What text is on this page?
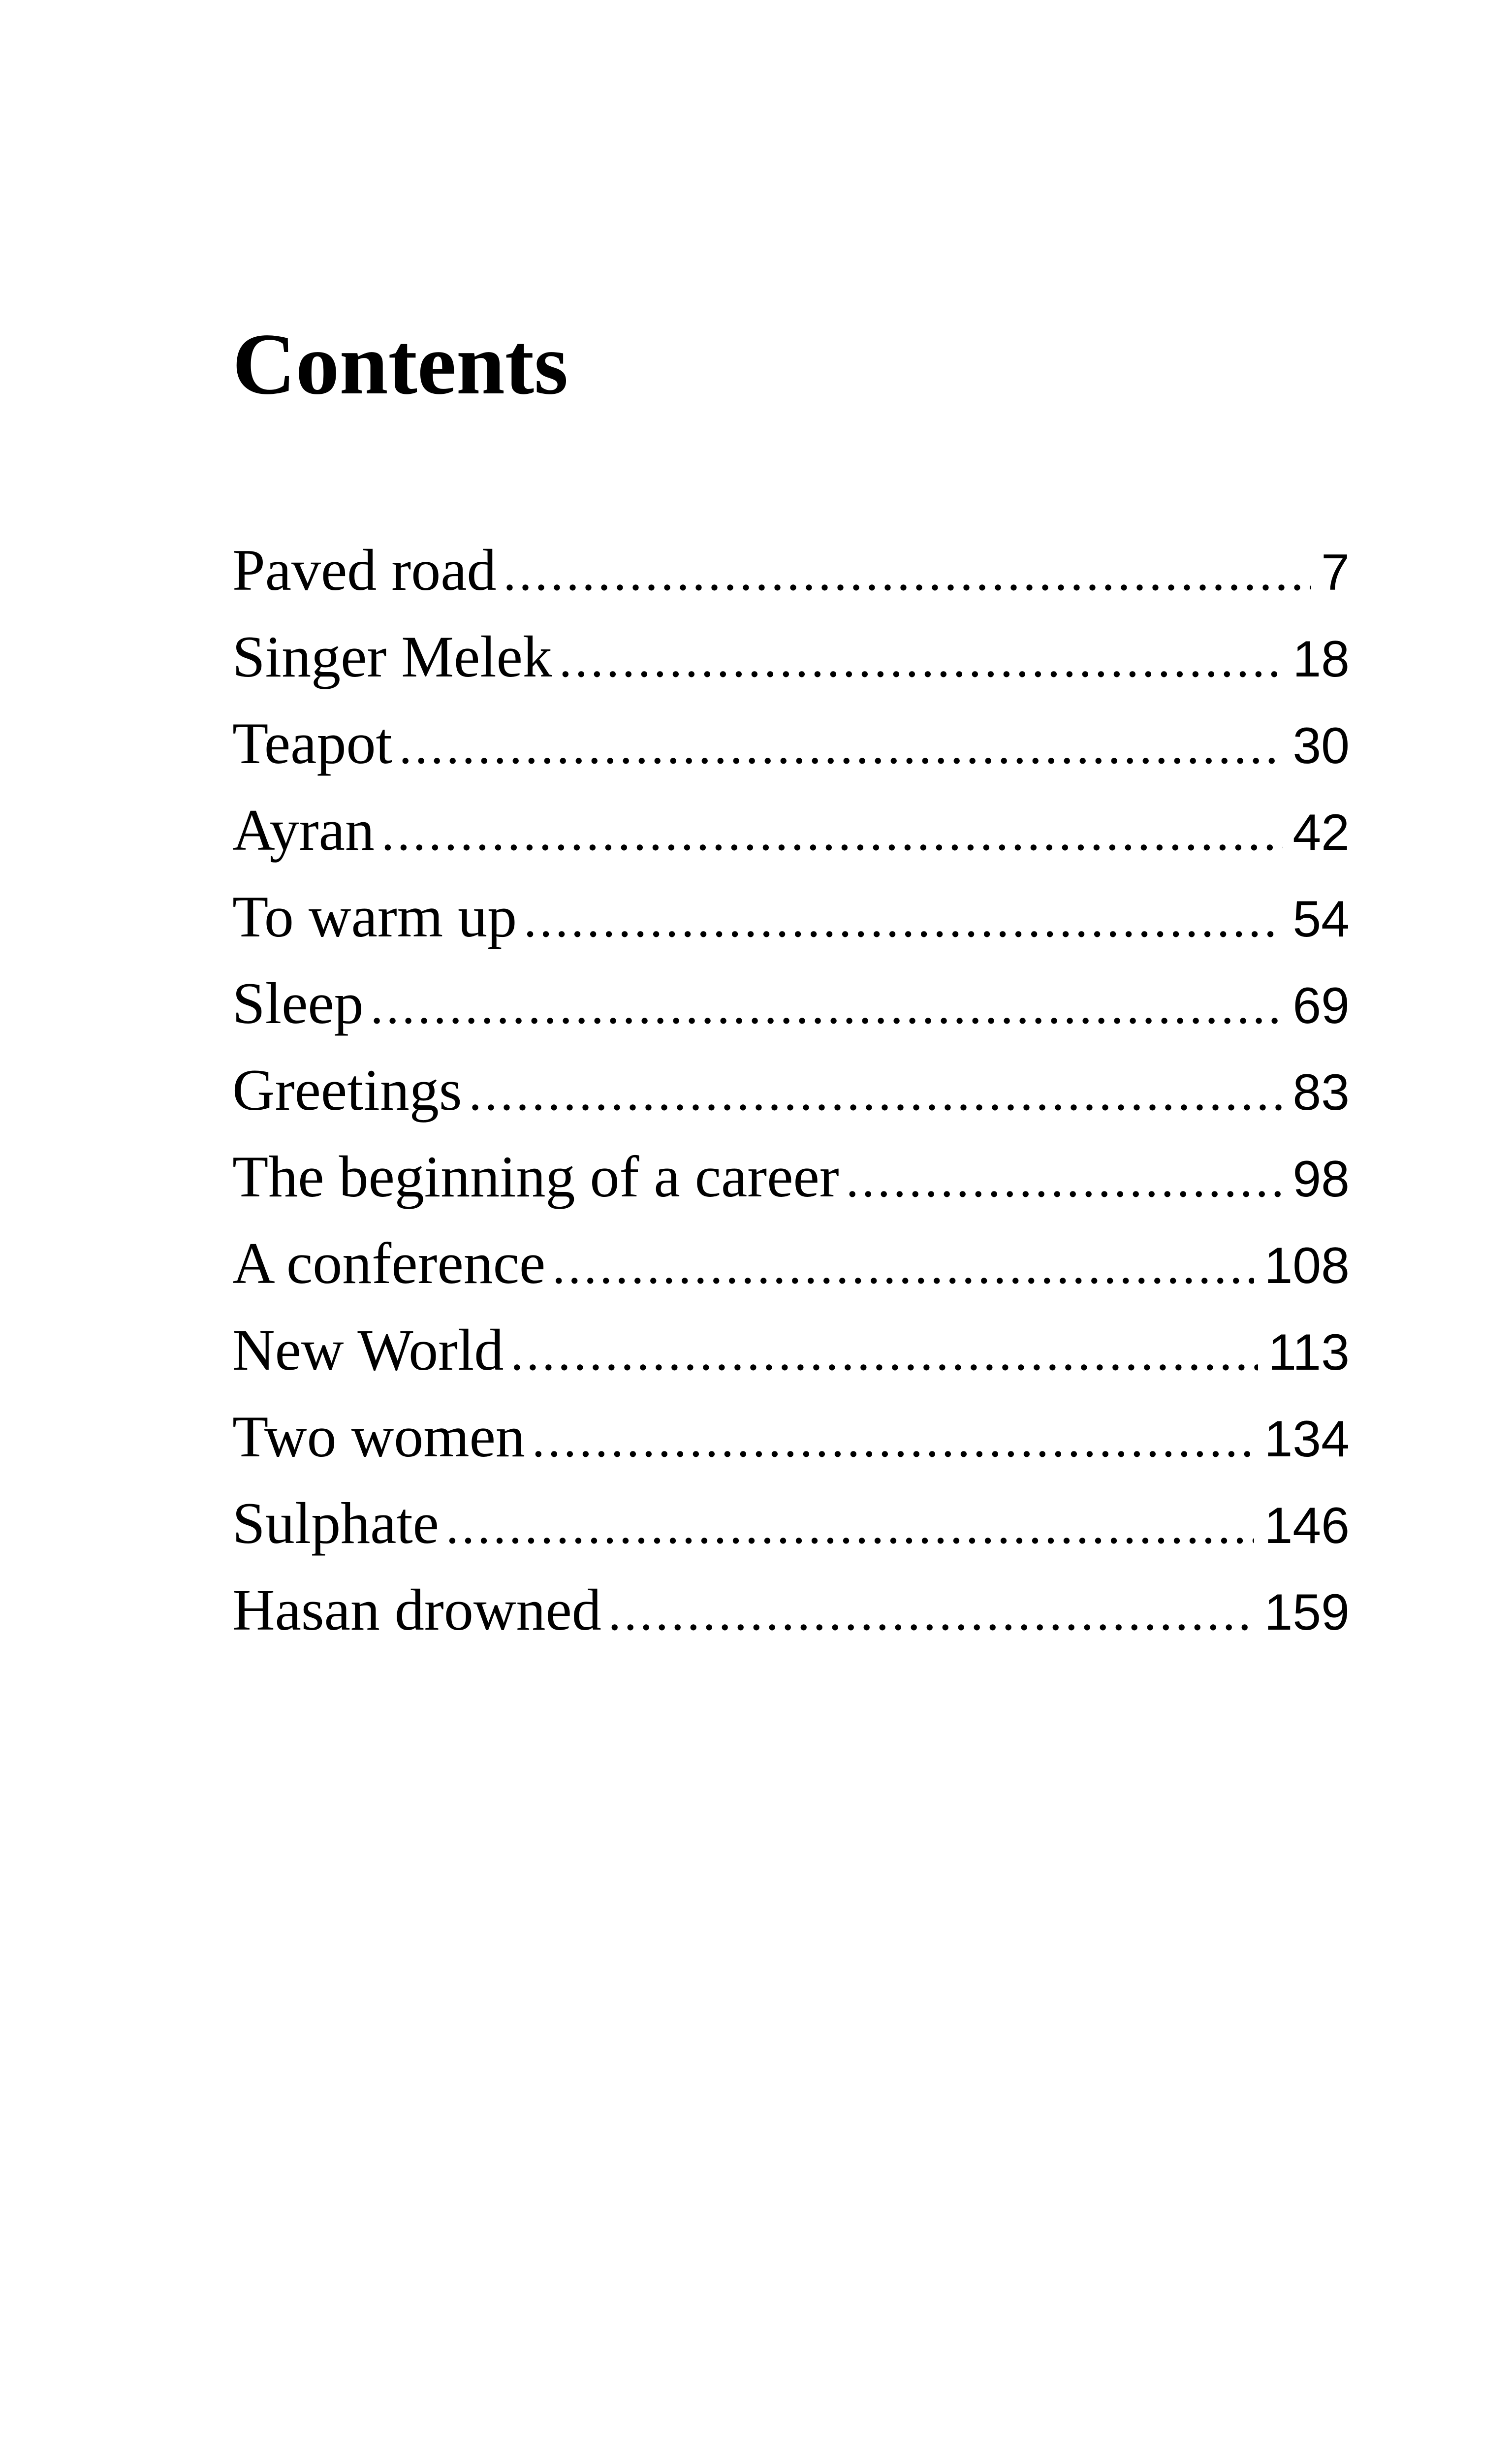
Contents
Paved road .....	7
Singer Melek .....	18
Teapot .....	30
Ayran .....	42
To warm up .....	54
Sleep .....	69
Greetings .....	83
The beginning of a career .....	98
A conference .....	108
New World .....	113
Two women .....	134
Sulphate .....	146
Hasan drowned .....	159
